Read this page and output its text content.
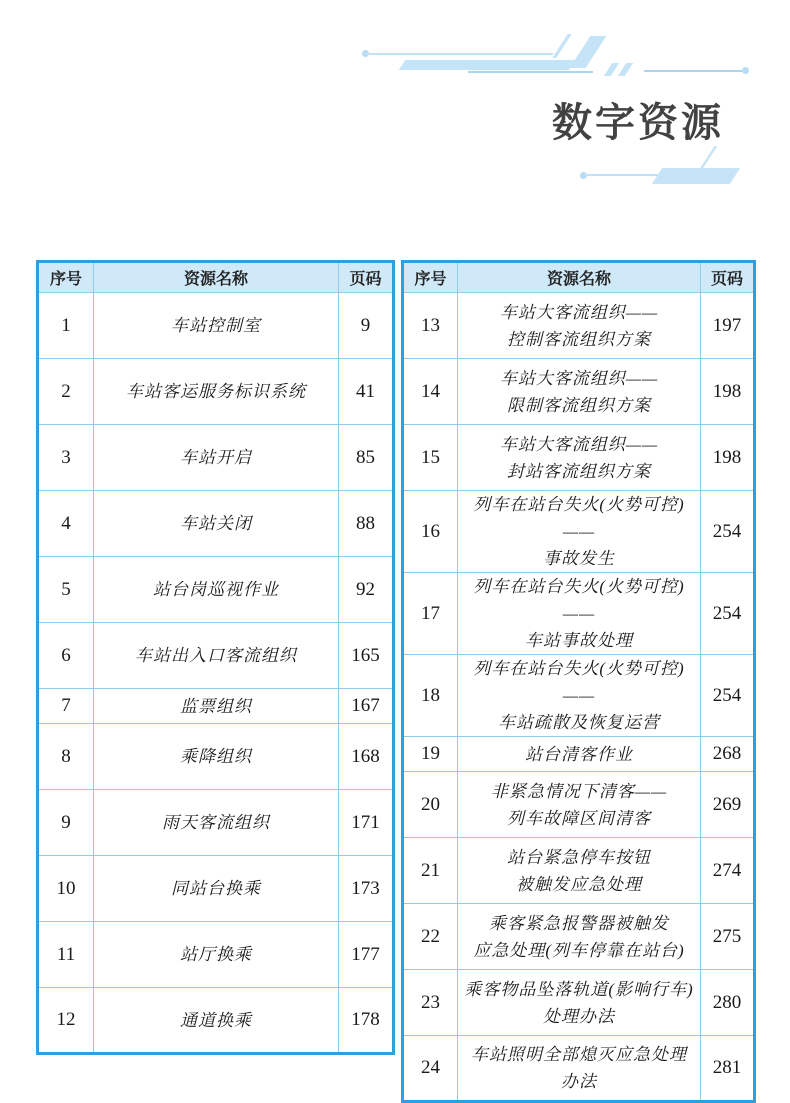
数字资源
序号	资源名称	页码
1	车站控制室	9
2	车站客运服务标识系统	41
3	车站开启	85
4	车站关闭	88
5	站台岗巡视作业	92
6	车站出入口客流组织	165
7	监票组织	167
8	乘降组织	168
9	雨天客流组织	171
10	同站台换乘	173
11	站厅换乘	177
12	通道换乘	178
序号	资源名称	页码
13	车站大客流组织——
控制客流组织方案	197
14	车站大客流组织——
限制客流组织方案	198
15	车站大客流组织——
封站客流组织方案	198
16	列车在站台失火(火势可控)——
事故发生	254
17	列车在站台失火(火势可控)——
车站事故处理	254
18	列车在站台失火(火势可控)——
车站疏散及恢复运营	254
19	站台清客作业	268
20	非紧急情况下清客——
列车故障区间清客	269
21	站台紧急停车按钮
被触发应急处理	274
22	乘客紧急报警器被触发
应急处理(列车停靠在站台)	275
23	乘客物品坠落轨道(影响行车)
处理办法	280
24	车站照明全部熄灭应急处理
办法	281
